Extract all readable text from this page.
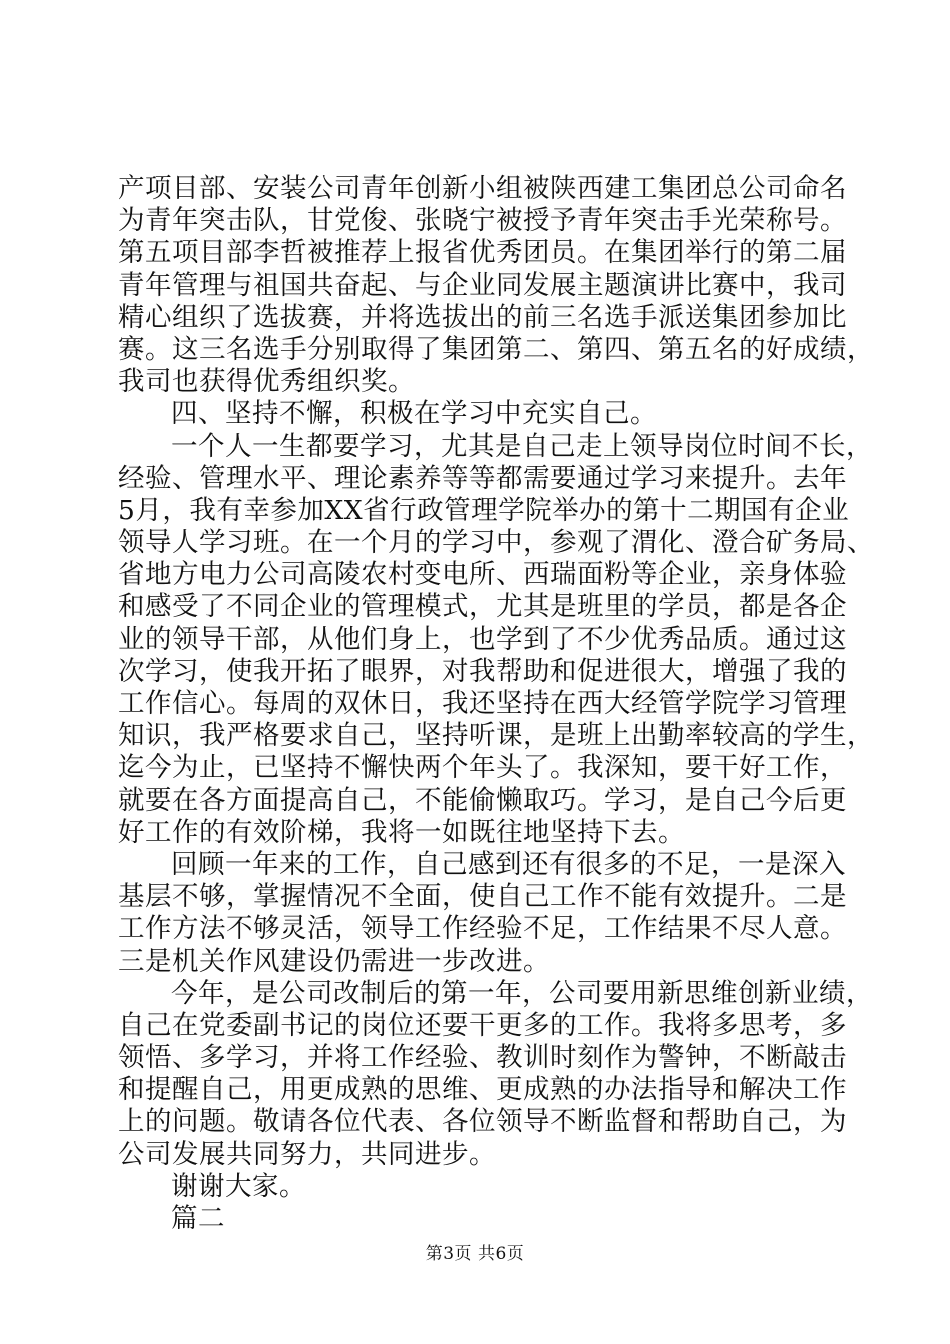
产项目部、安装公司青年创新小组被陕西建工集团总公司命名
为青年突击队，甘党俊、张晓宁被授予青年突击手光荣称号。
第五项目部李哲被推荐上报省优秀团员。在集团举行的第二届
青年管理与祖国共奋起、与企业同发展主题演讲比赛中，我司
精心组织了选拔赛，并将选拔出的前三名选手派送集团参加比
赛。这三名选手分别取得了集团第二、第四、第五名的好成绩，
我司也获得优秀组织奖。
四、坚持不懈，积极在学习中充实自己。
一个人一生都要学习，尤其是自己走上领导岗位时间不长，
经验、管理水平、理论素养等等都需要通过学习来提升。去年
5月，我有幸参加XX省行政管理学院举办的第十二期国有企业
领导人学习班。在一个月的学习中，参观了渭化、澄合矿务局、
省地方电力公司高陵农村变电所、西瑞面粉等企业，亲身体验
和感受了不同企业的管理模式，尤其是班里的学员，都是各企
业的领导干部，从他们身上，也学到了不少优秀品质。通过这
次学习，使我开拓了眼界，对我帮助和促进很大，增强了我的
工作信心。每周的双休日，我还坚持在西大经管学院学习管理
知识，我严格要求自己，坚持听课，是班上出勤率较高的学生，
迄今为止，已坚持不懈快两个年头了。我深知，要干好工作，
就要在各方面提高自己，不能偷懒取巧。学习，是自己今后更
好工作的有效阶梯，我将一如既往地坚持下去。
回顾一年来的工作，自己感到还有很多的不足，一是深入
基层不够，掌握情况不全面，使自己工作不能有效提升。二是
工作方法不够灵活，领导工作经验不足，工作结果不尽人意。
三是机关作风建设仍需进一步改进。
今年，是公司改制后的第一年，公司要用新思维创新业绩，
自己在党委副书记的岗位还要干更多的工作。我将多思考，多
领悟、多学习，并将工作经验、教训时刻作为警钟，不断敲击
和提醒自己，用更成熟的思维、更成熟的办法指导和解决工作
上的问题。敬请各位代表、各位领导不断监督和帮助自己，为
公司发展共同努力，共同进步。
谢谢大家。
篇二
第3页 共6页
